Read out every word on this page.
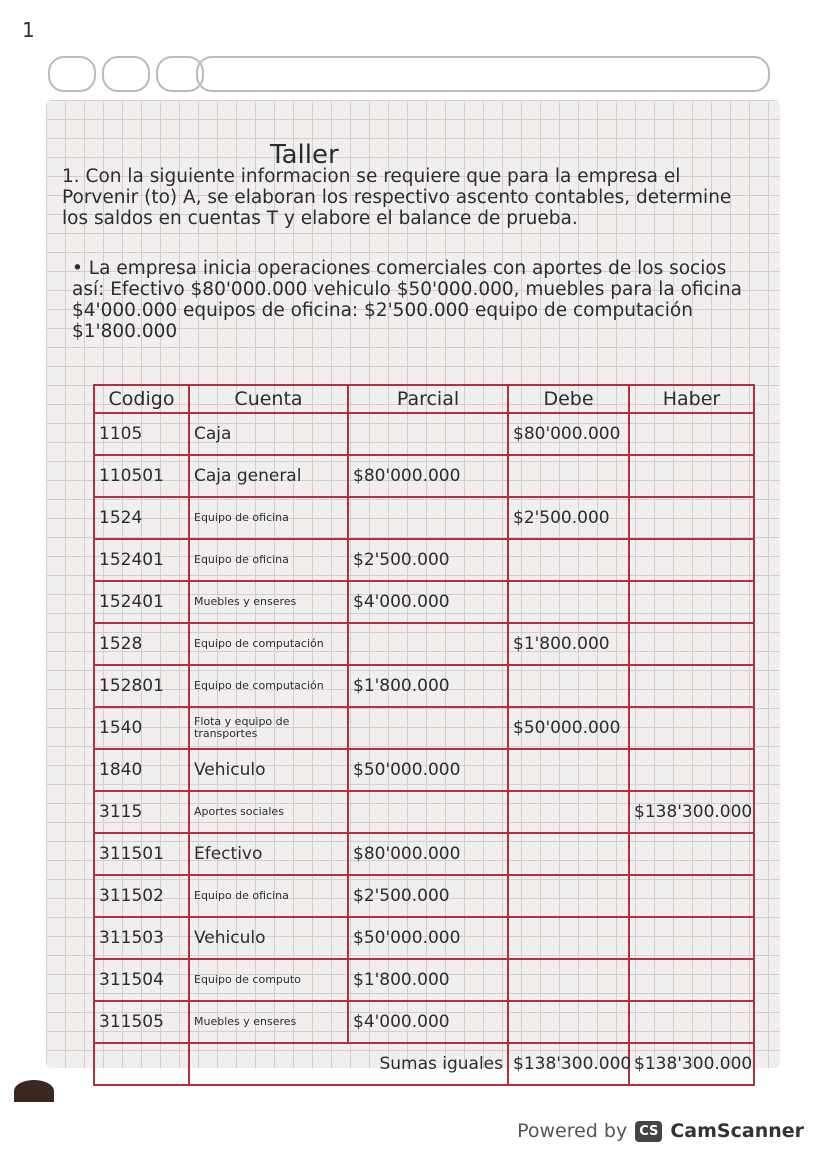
1
Taller
1. Con la siguiente informacion se requiere que para la empresa el Porvenir (to) A, se elaboran los respectivo ascento contables, determine los saldos en cuentas T y elabore el balance de prueba.
• La empresa inicia operaciones comerciales con aportes de los socios así: Efectivo $80'000.000 vehiculo $50'000.000, muebles para la oficina $4'000.000 equipos de oficina: $2'500.000 equipo de computación $1'800.000
Codigo	Cuenta	Parcial	Debe	Haber
1105	Caja		$80'000.000	
110501	Caja general	$80'000.000		
1524	Equipo de oficina		$2'500.000	
152401	Equipo de oficina	$2'500.000		
152401	Muebles y enseres	$4'000.000		
1528	Equipo de computación		$1'800.000	
152801	Equipo de computación	$1'800.000		
1540	Flota y equipo de transportes		$50'000.000	
1840	Vehiculo	$50'000.000		
3115	Aportes sociales			$138'300.000
311501	Efectivo	$80'000.000		
311502	Equipo de oficina	$2'500.000		
311503	Vehiculo	$50'000.000		
311504	Equipo de computo	$1'800.000		
311505	Muebles y enseres	$4'000.000		
	Sumas iguales		$138'300.000	$138'300.000
Powered by CS CamScanner
